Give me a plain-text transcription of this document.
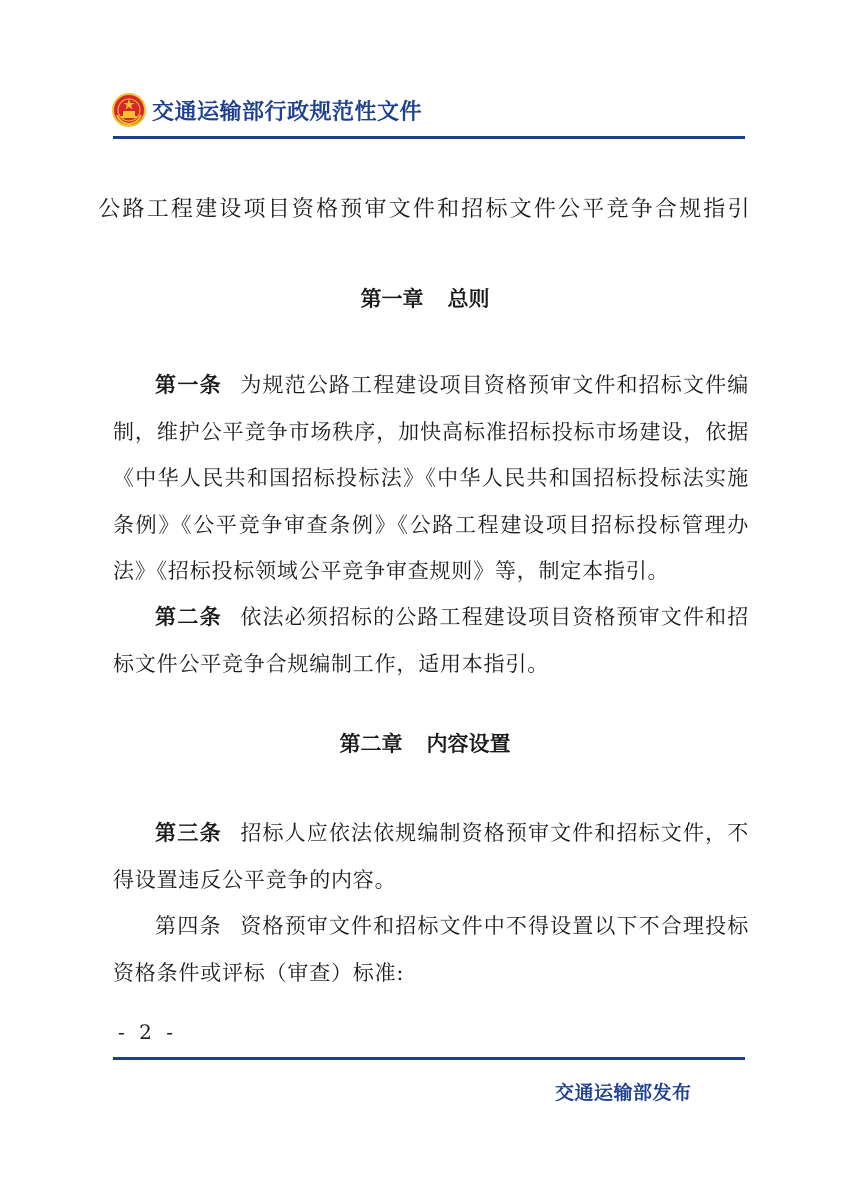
交通运输部行政规范性文件
公路工程建设项目资格预审文件和招标文件公平竞争合规指引
第一章 总则

第一条 为规范公路工程建设项目资格预审文件和招标文件编制，维护公平竞争市场秩序，加快高标准招标投标市场建设，依据《中华人民共和国招标投标法》《中华人民共和国招标投标法实施条例》《公平竞争审查条例》《公路工程建设项目招标投标管理办法》《招标投标领域公平竞争审查规则》等，制定本指引。

第二条 依法必须招标的公路工程建设项目资格预审文件和招标文件公平竞争合规编制工作，适用本指引。

第二章 内容设置

第三条 招标人应依法依规编制资格预审文件和招标文件，不得设置违反公平竞争的内容。

第四条 资格预审文件和招标文件中不得设置以下不合理投标资格条件或评标（审查）标准:

- 2 -
交通运输部发布
